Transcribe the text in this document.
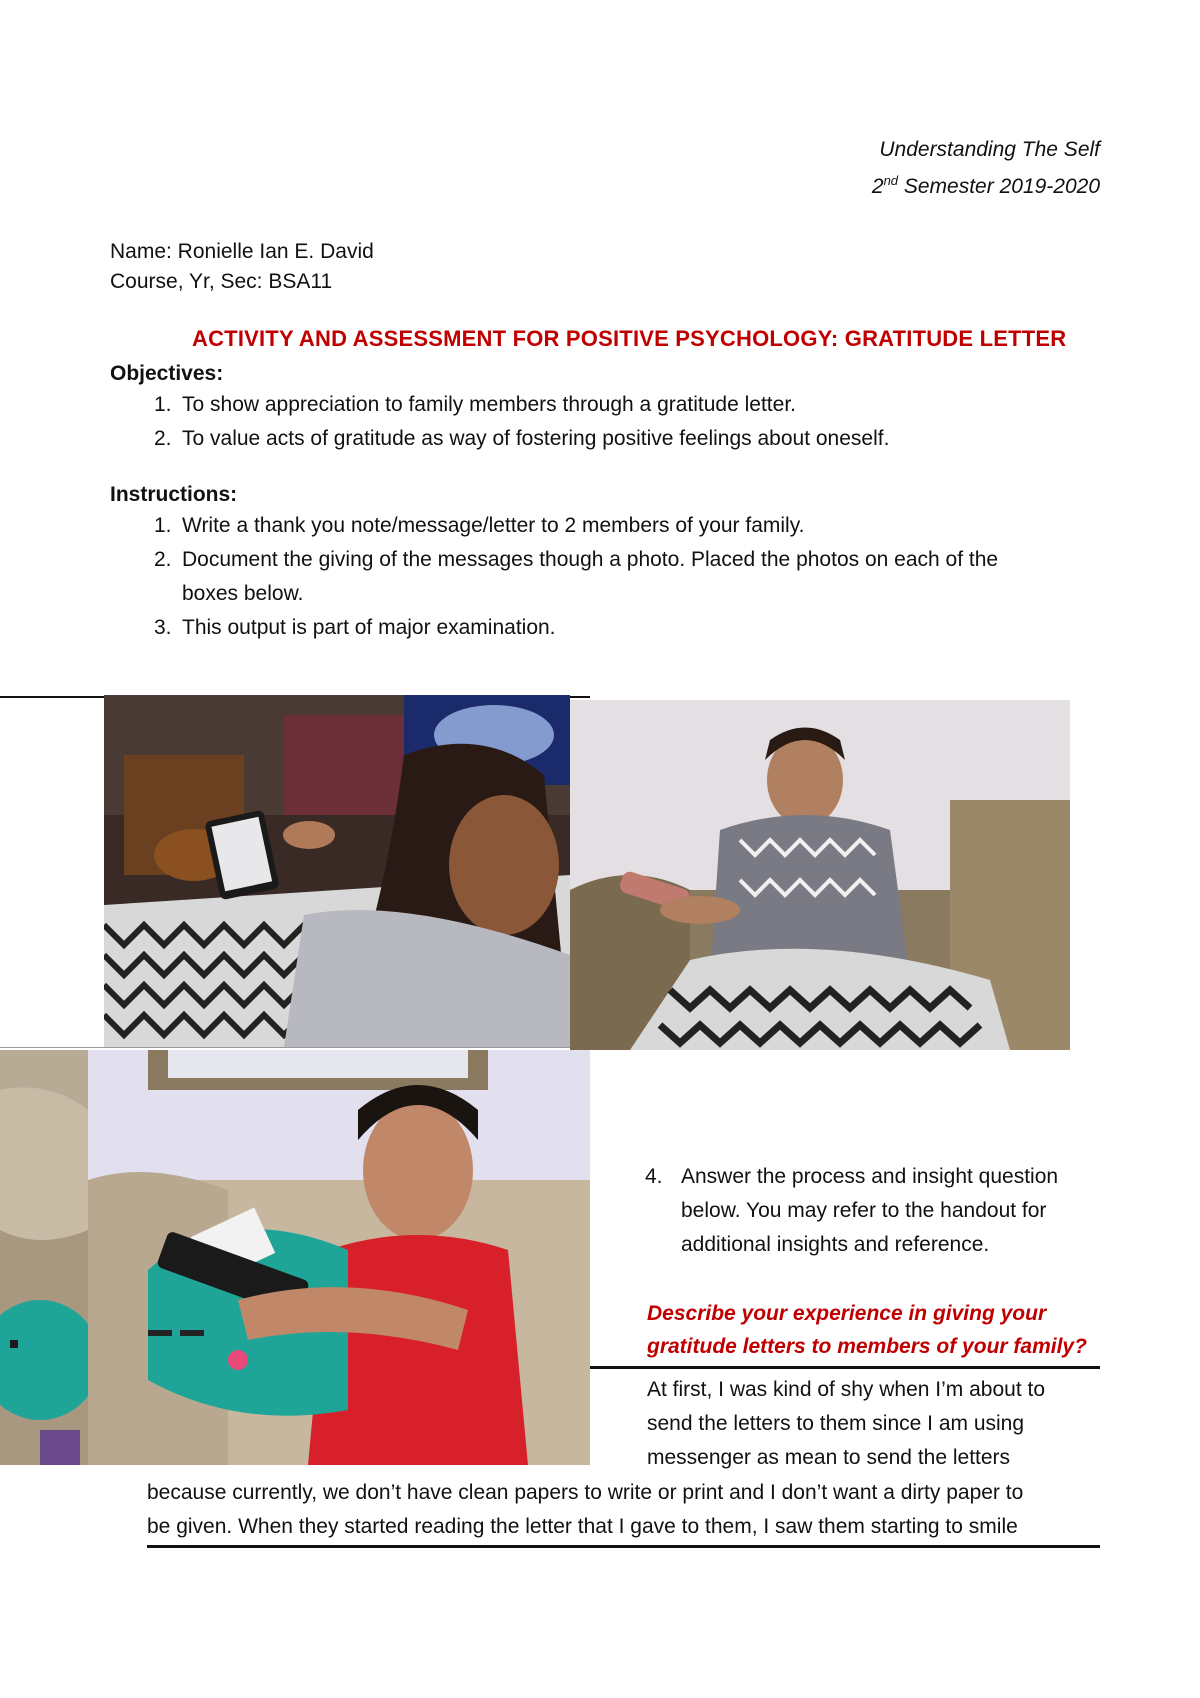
Understanding The Self
2nd Semester 2019-2020
Name: Ronielle Ian E. David
Course, Yr, Sec: BSA11
ACTIVITY AND ASSESSMENT FOR POSITIVE PSYCHOLOGY: GRATITUDE LETTER
Objectives:
1. To show appreciation to family members through a gratitude letter.
2. To value acts of gratitude as way of fostering positive feelings about oneself.
Instructions:
1. Write a thank you note/message/letter to 2 members of your family.
2. Document the giving of the messages though a photo. Placed the photos on each of the
boxes below.
3. This output is part of major examination.
4. Answer the process and insight question
below. You may refer to the handout for
additional insights and reference.
Describe your experience in giving your
gratitude letters to members of your family?
At first, I was kind of shy when I’m about to
send the letters to them since I am using
messenger as mean to send the letters
because currently, we don’t have clean papers to write or print and I don’t want a dirty paper to
be given. When they started reading the letter that I gave to them, I saw them starting to smile
